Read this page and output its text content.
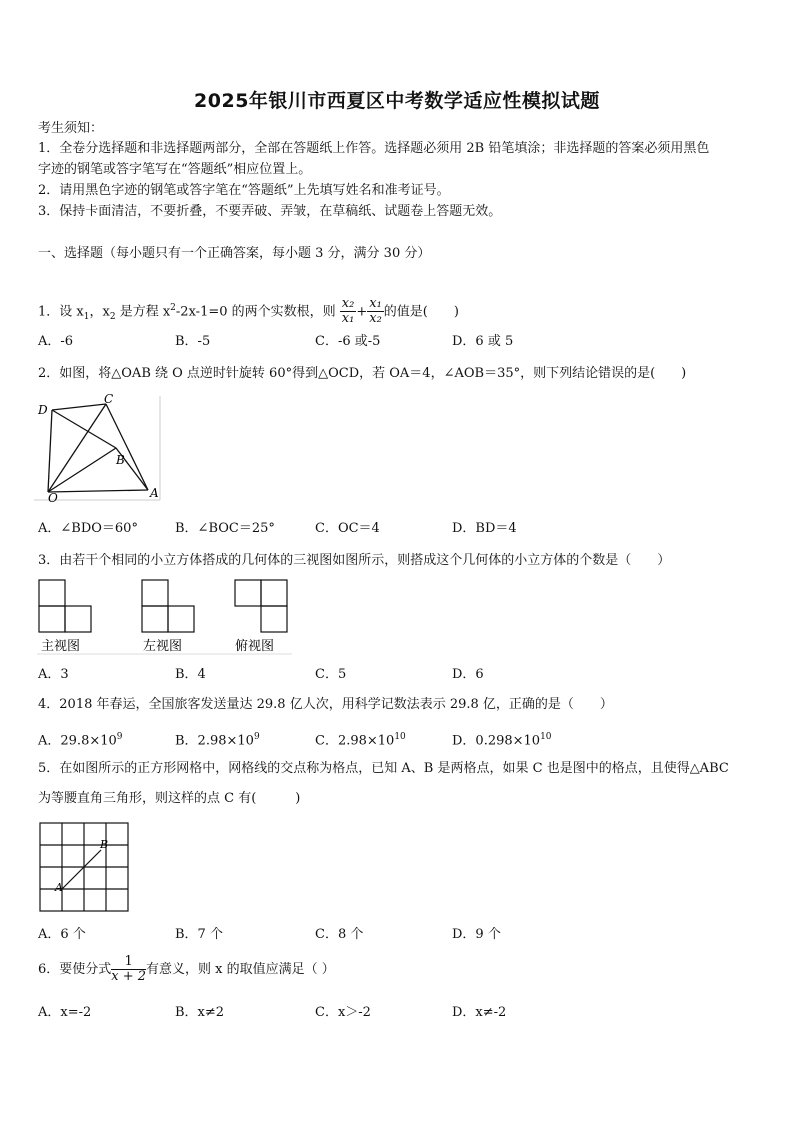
2025年银川市西夏区中考数学适应性模拟试题
考生须知：
1．全卷分选择题和非选择题两部分，全部在答题纸上作答。选择题必须用 2B 铅笔填涂；非选择题的答案必须用黑色
字迹的钢笔或答字笔写在“答题纸”相应位置上。
2．请用黑色字迹的钢笔或答字笔在“答题纸”上先填写姓名和准考证号。
3．保持卡面清洁，不要折叠，不要弄破、弄皱，在草稿纸、试题卷上答题无效。
一、选择题（每小题只有一个正确答案，每小题 3 分，满分 30 分）
1．设 $x_1$，$x_2$ 是方程 $x^2-2x-1=0$ 的两个实数根，则 $\frac{\text{x₂}}{\text{x₁}} + \frac{\text{x₁}}{\text{x₂}}$ 的值是(　　)
A．-6	B．-5	C．-6 或-5	D．6 或 5
2．如图，将△OAB 绕 O 点逆时针旋转 60°得到△OCD，若 OA＝4，∠AOB＝35°，则下列结论错误的是(　　)
D
C
B
O	A
A．∠BDO＝60°	B．∠BOC＝25°	C．OC＝4	D．BD＝4
3．由若干个相同的小立方体搭成的几何体的三视图如图所示，则搭成这个几何体的小立方体的个数是（　　）
主视图	左视图	俯视图
A．3	B．4	C．5	D．6
4．2018 年春运，全国旅客发送量达 29.8 亿人次，用科学记数法表示 29.8 亿，正确的是（　　）
A．$29.8\times 10^9$	B．$2.98\times 10^9$	C．$2.98\times 10^{10}$	D．$0.298\times 10^{10}$
5．在如图所示的正方形网格中，网格线的交点称为格点，已知 A、B 是两格点，如果 C 也是图中的格点，且使得△ABC
为等腰直角三角形，则这样的点 C 有(　　　)
A
B
A．6 个	B．7 个	C．8 个	D．9 个
6．要使分式 $\frac{1}{x + 2}$ 有意义，则 x 的取值应满足（ ）
A．x=-2	B．x≠2	C．x＞-2	D．x≠-2
